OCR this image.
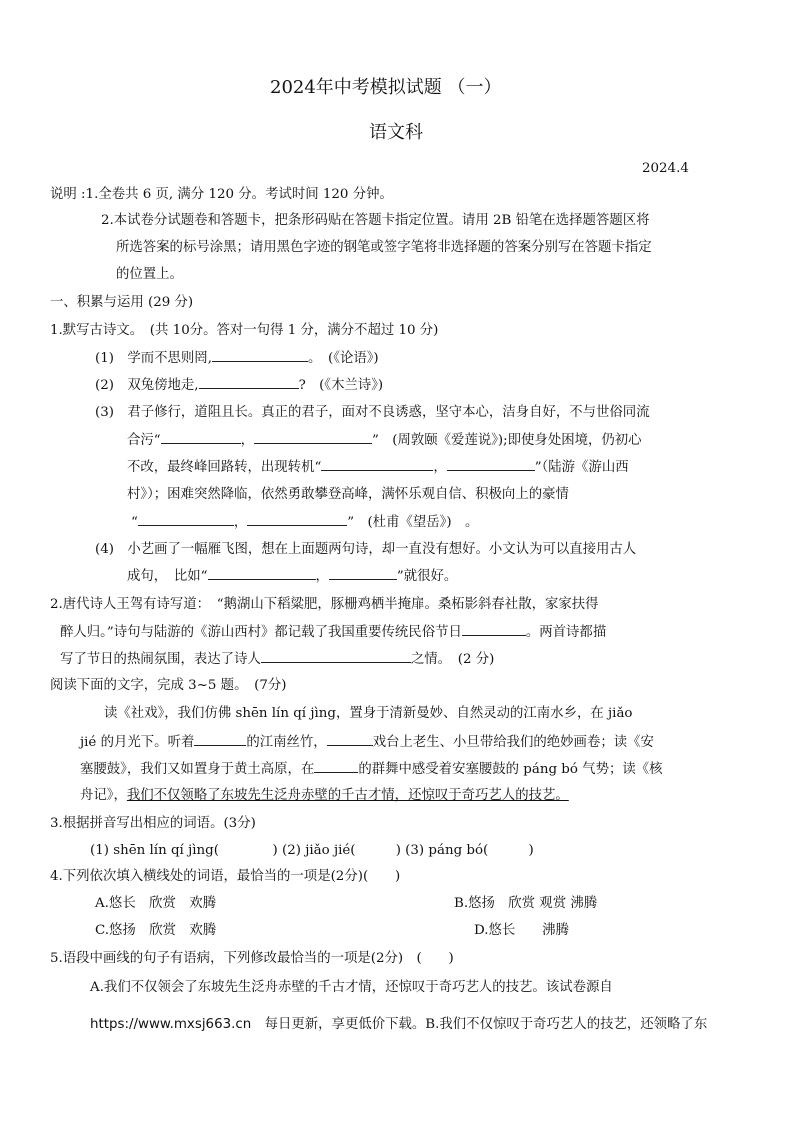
2024年中考模拟试题 （一）
语文科
2024.4
说明 :1.全卷共 6 页, 满分 120 分。考试时间 120 分钟。
2.本试卷分试题卷和答题卡，把条形码贴在答题卡指定位置。请用 2B 铅笔在选择题答题区将
所选答案的标号涂黑；请用黑色字迹的钢笔或签字笔将非选择题的答案分别写在答题卡指定
的位置上。
一、积累与运用 (29 分)
1.默写古诗文。　(共 10分。答对一句得 1 分，满分不超过 10 分)
(1)　学而不思则罔,	。　(《论语》)
(2)　双兔傍地走,	?　(《木兰诗》)
(3)　君子修行，道阻且长。真正的君子，面对不良诱惑，坚守本心，洁身自好，不与世俗同流
合污“	，	”　(周敦颐《爱莲说》);即使身处困境，仍初心
不改，最终峰回路转，出现转机“	，	”（陆游《游山西
村》）；困难突然降临，依然勇敢攀登高峰，满怀乐观自信、积极向上的豪情
“	，	”　(杜甫《望岳》)　。
(4)　小艺画了一幅雁飞图，想在上面题两句诗，却一直没有想好。小文认为可以直接用古人
成句，　比如“	，	”就很好。
2.唐代诗人王驾有诗写道：　“鹅湖山下稻粱肥，豚栅鸡栖半掩扉。桑柘影斜春社散，家家扶得
醉人归。”诗句与陆游的《游山西村》都记载了我国重要传统民俗节日	。两首诗都描
写了节日的热闹氛围，表达了诗人	之情。　(2 分)
阅读下面的文字，完成 3~5 题。　(7分)
读《社戏》，我们仿佛 shēn lín qí jìng，置身于清新曼妙、自然灵动的江南水乡，在 jiǎo
jié 的月光下。听着	的江南丝竹，	戏台上老生、小旦带给我们的绝妙画卷；读《安
塞腰鼓》，我们又如置身于黄土高原，在	的群舞中感受着安塞腰鼓的 páng bó 气势；读《核
舟记》，我们不仅领略了东坡先生泛舟赤壁的千古才情，还惊叹于奇巧艺人的技艺。
3.根据拼音写出相应的词语。(3分)
(1) shēn lín qí jìng(　　　　) (2) jiǎo jié(　　　) (3) páng bó(　　　)
4.下列依次填入横线处的词语，最恰当的一项是(2分)(　　)
A.悠长　欣赏　欢腾	B.悠扬　欣赏 观赏 沸腾
C.悠扬　欣赏　欢腾	D.悠长　　沸腾
5.语段中画线的句子有语病，下列修改最恰当的一项是(2分)　(　　)
A.我们不仅领会了东坡先生泛舟赤壁的千古才情，还惊叹于奇巧艺人的技艺。该试卷源自
https://www.mxsj663.cn　每日更新，享更低价下载。B.我们不仅惊叹于奇巧艺人的技艺，还领略了东
